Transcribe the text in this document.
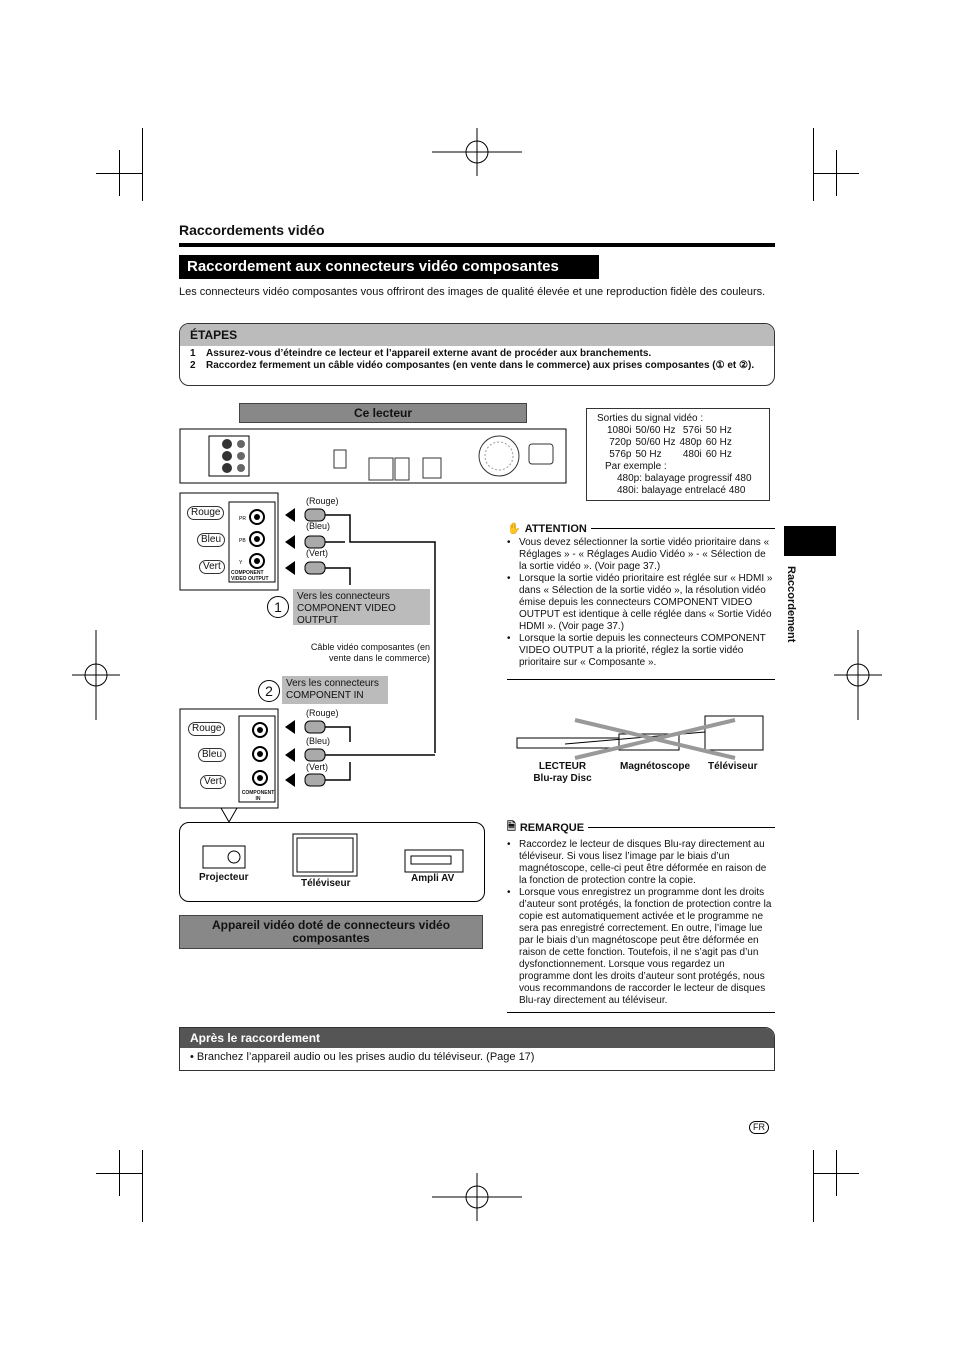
Raccordements vidéo
Raccordement aux connecteurs vidéo composantes
Les connecteurs vidéo composantes vous offriront des images de qualité élevée et une reproduction fidèle des couleurs.
ÉTAPES
1	Assurez-vous d’éteindre ce lecteur et l’appareil externe avant de procéder aux branchements.
2	Raccordez fermement un câble vidéo composantes (en vente dans le commerce) aux prises composantes (① et ②).
Ce lecteur	Sorties du signal vidéo :
1080i	50/60 Hz	576i	50 Hz
720p	50/60 Hz	480p	60 Hz
576p	50 Hz	480i	60 Hz
Par exemple :
480p: balayage progressif 480
480i: balayage entrelacé 480
PR
PB
Y
COMPONENT VIDEO OUTPUT
Rouge
Bleu
Vert
(Rouge)
(Bleu)
(Vert)
Vers les connecteurs COMPONENT VIDEO OUTPUT
1
Câble vidéo composantes (en vente dans le commerce)
2	Vers les connecteurs COMPONENT IN
COMPONENT IN
Rouge
Bleu
Vert
(Rouge)
(Bleu)
(Vert)
Projecteur
Téléviseur	Ampli AV
Appareil vidéo doté de connecteurs vidéo composantes
✋ ATTENTION
• Vous devez sélectionner la sortie vidéo prioritaire dans « Réglages » - « Réglages Audio Vidéo » - « Sélection de la sortie vidéo ». (Voir page 37.)
• Lorsque la sortie vidéo prioritaire est réglée sur « HDMI » dans « Sélection de la sortie vidéo », la résolution vidéo émise depuis les connecteurs COMPONENT VIDEO OUTPUT est identique à celle réglée dans « Sortie Vidéo HDMI ». (Voir page 37.)
• Lorsque la sortie depuis les connecteurs COMPONENT VIDEO OUTPUT a la priorité, réglez la sortie vidéo prioritaire sur « Composante ».
LECTEUR Blu-ray Disc
Magnétoscope Téléviseur
🗎 REMARQUE
• Raccordez le lecteur de disques Blu-ray directement au téléviseur. Si vous lisez l’image par le biais d’un magnétoscope, celle-ci peut être déformée en raison de la fonction de protection contre la copie.
• Lorsque vous enregistrez un programme dont les droits d’auteur sont protégés, la fonction de protection contre la copie est automatiquement activée et le programme ne sera pas enregistré correctement. En outre, l’image lue par le biais d’un magnétoscope peut être déformée en raison de cette fonction. Toutefois, il ne s’agit pas d’un dysfonctionnement. Lorsque vous regardez un programme dont les droits d’auteur sont protégés, nous vous recommandons de raccorder le lecteur de disques Blu-ray directement au téléviseur.
Raccordement
Après le raccordement
• Branchez l’appareil audio ou les prises audio du téléviseur. (Page 17)
FR
